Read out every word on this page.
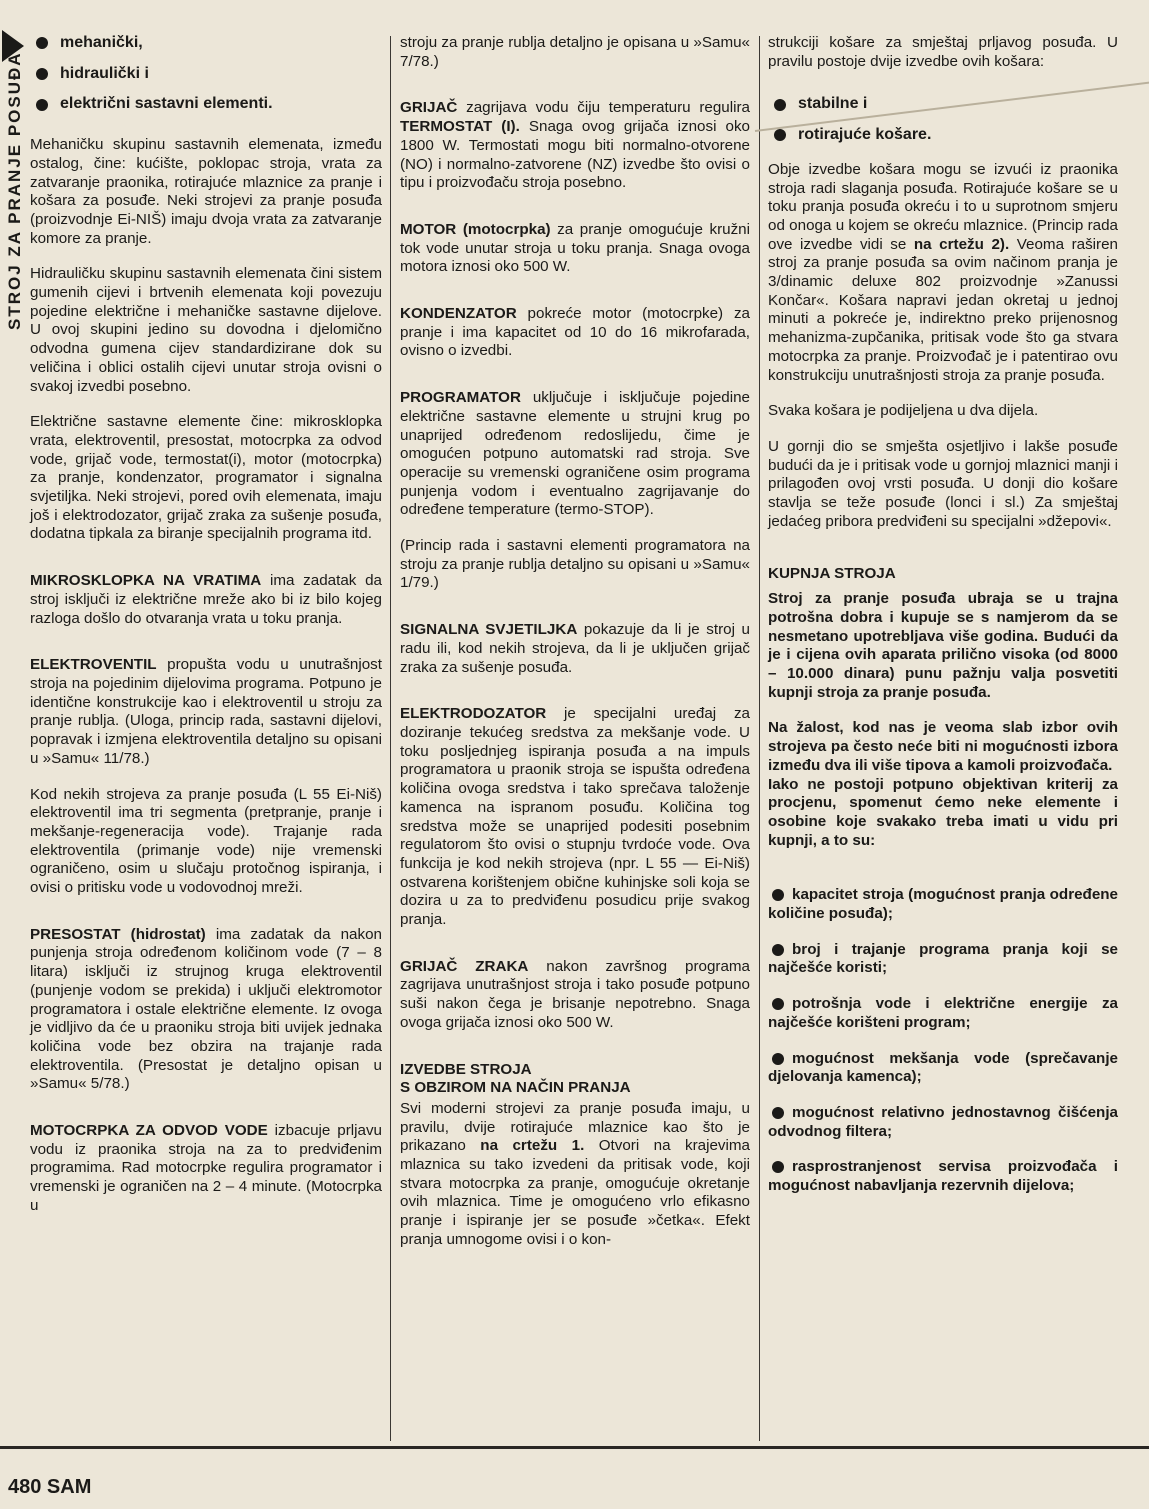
STROJ ZA PRANJE POSUĐA
mehanički,
hidraulički i
električni sastavni elementi.

Mehaničku skupinu sastavnih elemenata, između ostalog, čine: kućište, poklopac stroja, vrata za zatvaranje praonika, rotirajuće mlaznice za pranje i košara za posuđe. Neki strojevi za pranje posuđa (proizvodnje Ei-NIŠ) imaju dvoja vrata za zatvaranje komore za pranje.

Hidrauličku skupinu sastavnih elemenata čini sistem gumenih cijevi i brtvenih elemenata koji povezuju pojedine električne i mehaničke sastavne dijelove. U ovoj skupini jedino su dovodna i djelomično odvodna gumena cijev standardizirane dok su veličina i oblici ostalih cijevi unutar stroja ovisni o svakoj izvedbi posebno.

Električne sastavne elemente čine: mikrosklopka vrata, elektroventil, presostat, motocrpka za odvod vode, grijač vode, termostat(i), motor (motocrpka) za pranje, kondenzator, programator i signalna svjetiljka. Neki strojevi, pored ovih elemenata, imaju još i elektrodozator, grijač zraka za sušenje posuđa, dodatna tipkala za biranje specijalnih programa itd.

MIKROSKLOPKA NA VRATIMA ima zadatak da stroj isključi iz električne mreže ako bi iz bilo kojeg razloga došlo do otvaranja vrata u toku pranja.

ELEKTROVENTIL propušta vodu u unutrašnjost stroja na pojedinim dijelovima programa. Potpuno je identične konstrukcije kao i elektroventil u stroju za pranje rublja. (Uloga, princip rada, sastavni dijelovi, popravak i izmjena elektroventila detaljno su opisani u »Samu« 11/78.)

Kod nekih strojeva za pranje posuđa (L 55 Ei-Niš) elektroventil ima tri segmenta (pretpranje, pranje i mekšanje-regeneracija vode). Trajanje rada elektroventila (primanje vode) nije vremenski ograničeno, osim u slučaju protočnog ispiranja, i ovisi o pritisku vode u vodovodnoj mreži.

PRESOSTAT (hidrostat) ima zadatak da nakon punjenja stroja određenom količinom vode (7 – 8 litara) isključi iz strujnog kruga elektroventil (punjenje vodom se prekida) i uključi elektromotor programatora i ostale električne elemente. Iz ovoga je vidljivo da će u praoniku stroja biti uvijek jednaka količina vode bez obzira na trajanje rada elektroventila. (Presostat je detaljno opisan u »Samu« 5/78.)

MOTOCRPKA ZA ODVOD VODE izbacuje prljavu vodu iz praonika stroja na za to predviđenim programima. Rad motocrpke regulira programator i vremenski je ograničen na 2 – 4 minute. (Motocrpka u

stroju za pranje rublja detaljno je opisana u »Samu« 7/78.)

GRIJAČ zagrijava vodu čiju temperaturu regulira TERMOSTAT (I). Snaga ovog grijača iznosi oko 1800 W. Termostati mogu biti normalno-otvorene (NO) i normalno-zatvorene (NZ) izvedbe što ovisi o tipu i proizvođaču stroja posebno.

MOTOR (motocrpka) za pranje omogućuje kružni tok vode unutar stroja u toku pranja. Snaga ovoga motora iznosi oko 500 W.

KONDENZATOR pokreće motor (motocrpke) za pranje i ima kapacitet od 10 do 16 mikrofarada, ovisno o izvedbi.

PROGRAMATOR uključuje i isključuje pojedine električne sastavne elemente u strujni krug po unaprijed određenom redoslijedu, čime je omogućen potpuno automatski rad stroja. Sve operacije su vremenski ograničene osim programa punjenja vodom i eventualno zagrijavanje do određene temperature (termo-STOP).

(Princip rada i sastavni elementi programatora na stroju za pranje rublja detaljno su opisani u »Samu« 1/79.)

SIGNALNA SVJETILJKA pokazuje da li je stroj u radu ili, kod nekih strojeva, da li je uključen grijač zraka za sušenje posuđa.

ELEKTRODOZATOR je specijalni uređaj za doziranje tekućeg sredstva za mekšanje vode. U toku posljednjeg ispiranja posuđa a na impuls programatora u praonik stroja se ispušta određena količina ovoga sredstva i tako sprečava taloženje kamenca na ispranom posuđu. Količina tog sredstva može se unaprijed podesiti posebnim regulatorom što ovisi o stupnju tvrdoće vode. Ova funkcija je kod nekih strojeva (npr. L 55 — Ei-Niš) ostvarena korištenjem obične kuhinjske soli koja se dozira u za to predviđenu posudicu prije svakog pranja.

GRIJAČ ZRAKA nakon završnog programa zagrijava unutrašnjost stroja i tako posuđe potpuno suši nakon čega je brisanje nepotrebno. Snaga ovoga grijača iznosi oko 500 W.

IZVEDBE STROJA
S OBZIROM NA NAČIN PRANJA

Svi moderni strojevi za pranje posuđa imaju, u pravilu, dvije rotirajuće mlaznice kao što je prikazano na crtežu 1. Otvori na krajevima mlaznica su tako izvedeni da pritisak vode, koji stvara motocrpka za pranje, omogućuje okretanje ovih mlaznica. Time je omogućeno vrlo efikasno pranje i ispiranje jer se posuđe »četka«. Efekt pranja umnogome ovisi i o kon-

strukciji košare za smještaj prljavog posuđa. U pravilu postoje dvije izvedbe ovih košara:

stabilne i
rotirajuće košare.

Obje izvedbe košara mogu se izvući iz praonika stroja radi slaganja posuđa. Rotirajuće košare se u toku pranja posuđa okreću i to u suprotnom smjeru od onoga u kojem se okreću mlaznice. (Princip rada ove izvedbe vidi se na crtežu 2). Veoma raširen stroj za pranje posuđa sa ovim načinom pranja je 3/dinamic deluxe 802 proizvodnje »Zanussi Končar«. Košara napravi jedan okretaj u jednoj minuti a pokreće je, indirektno preko prijenosnog mehanizma-zupčanika, pritisak vode što ga stvara motocrpka za pranje. Proizvođač je i patentirao ovu konstrukciju unutrašnjosti stroja za pranje posuđa.

Svaka košara je podijeljena u dva dijela.

U gornji dio se smješta osjetljivo i lakše posuđe budući da je i pritisak vode u gornjoj mlaznici manji i prilagođen ovoj vrsti posuđa. U donji dio košare stavlja se teže posuđe (lonci i sl.) Za smještaj jedaćeg pribora predviđeni su specijalni »džepovi«.

KUPNJA STROJA

Stroj za pranje posuđa ubraja se u trajna potrošna dobra i kupuje se s namjerom da se nesmetano upotrebljava više godina. Budući da je i cijena ovih aparata prilično visoka (od 8000 – 10.000 dinara) punu pažnju valja posvetiti kupnji stroja za pranje posuđa.

Na žalost, kod nas je veoma slab izbor ovih strojeva pa često neće biti ni mogućnosti izbora između dva ili više tipova a kamoli proizvođača.

Iako ne postoji potpuno objektivan kriterij za procjenu, spomenut ćemo neke elemente i osobine koje svakako treba imati u vidu pri kupnji, a to su:

kapacitet stroja (mogućnost pranja određene količine posuđa);

broj i trajanje programa pranja koji se najčešće koristi;

potrošnja vode i električne energije za najčešće korišteni program;

mogućnost mekšanja vode (sprečavanje djelovanja kamenca);

mogućnost relativno jednostavnog čišćenja odvodnog filtera;

rasprostranjenost servisa proizvođača i mogućnost nabavljanja rezervnih dijelova;

480 SAM
